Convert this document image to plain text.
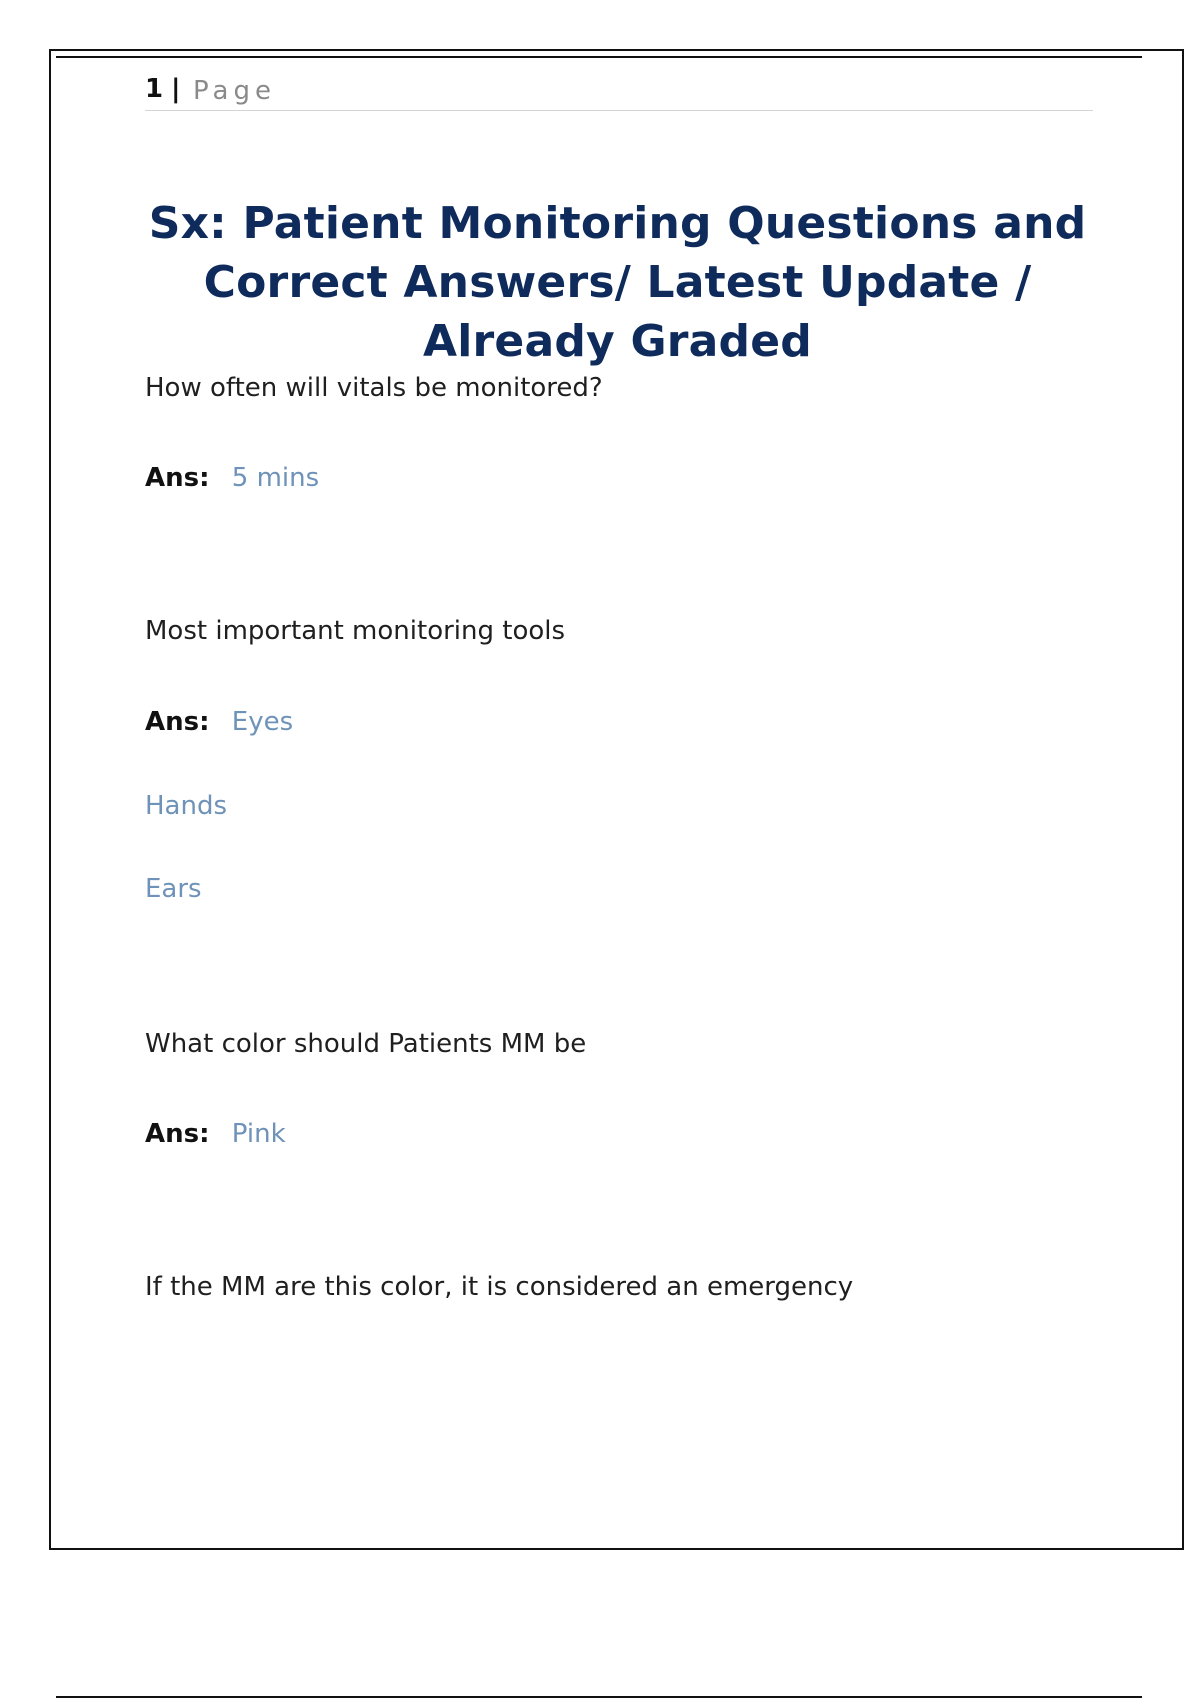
1 | Page
Sx: Patient Monitoring Questions and Correct Answers/ Latest Update / Already Graded
How often will vitals be monitored?
Ans: 5 mins
Most important monitoring tools
Ans: Eyes
Hands
Ears
What color should Patients MM be
Ans: Pink
If the MM are this color, it is considered an emergency
